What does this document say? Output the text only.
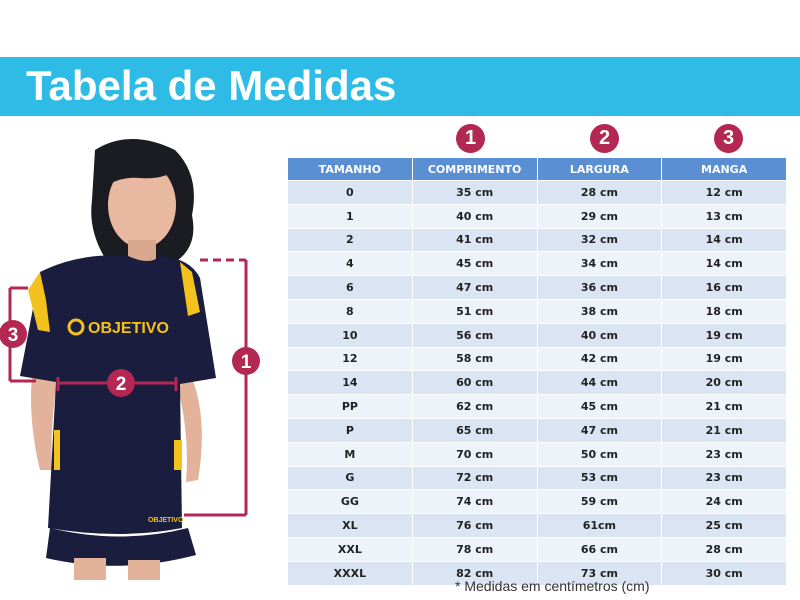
Tabela de Medidas
OBJETIVO
OBJETIVO
1
2
3
1	2	3
TAMANHO	COMPRIMENTO	LARGURA	MANGA
0	35 cm	28 cm	12 cm
1	40 cm	29 cm	13 cm
2	41 cm	32 cm	14 cm
4	45 cm	34 cm	14 cm
6	47 cm	36 cm	16 cm
8	51 cm	38 cm	18 cm
10	56 cm	40 cm	19 cm
12	58 cm	42 cm	19 cm
14	60 cm	44 cm	20 cm
PP	62 cm	45 cm	21 cm
P	65 cm	47 cm	21 cm
M	70 cm	50 cm	23 cm
G	72 cm	53 cm	23 cm
GG	74 cm	59 cm	24 cm
XL	76 cm	61cm	25 cm
XXL	78 cm	66 cm	28 cm
XXXL	82 cm	73 cm	30 cm
* Medidas em centímetros (cm)
